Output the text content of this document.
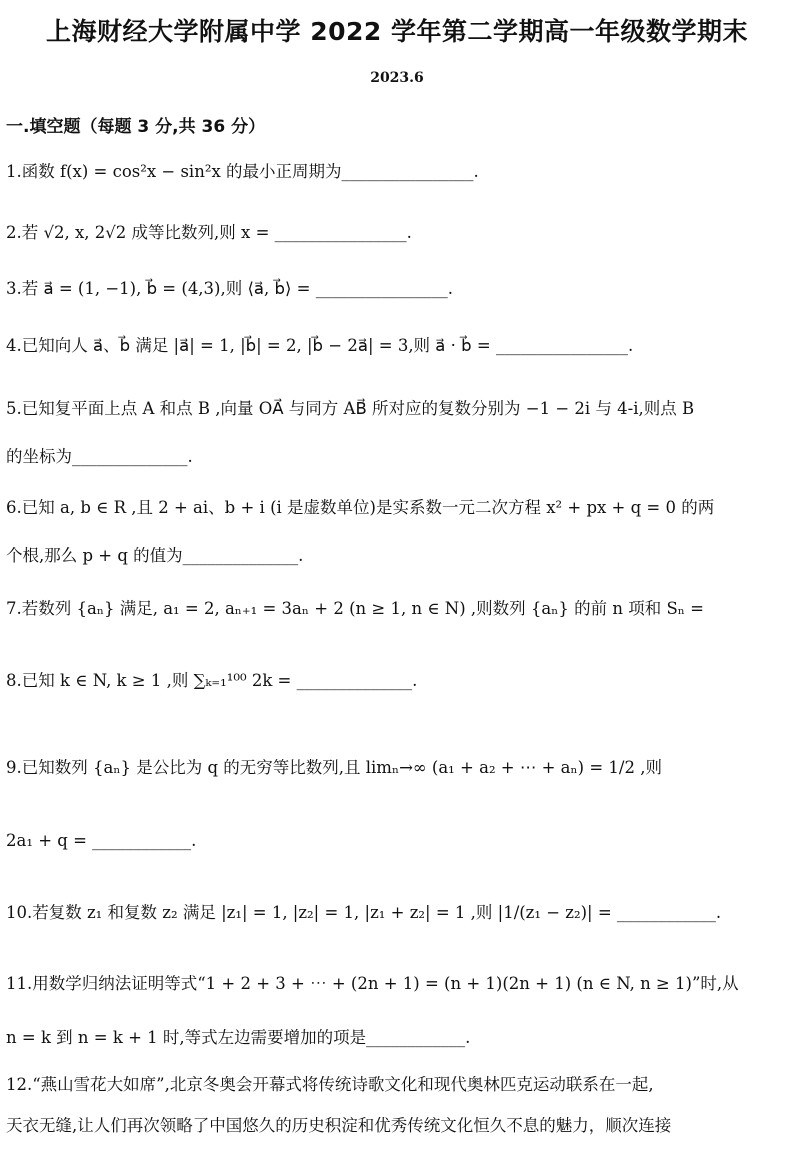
上海财经大学附属中学 2022 学年第二学期高一年级数学期末
2023.6
一.填空题（每题 3 分,共 36 分）
1.函数 f(x) = cos²x − sin²x 的最小正周期为________________.
2.若 √2, x, 2√2 成等比数列,则 x = ________________.
3.若 a⃗ = (1, −1), b⃗ = (4,3),则 ⟨a⃗, b⃗⟩ = ________________.
4.已知向人 a⃗、b⃗ 满足 |a⃗| = 1, |b⃗| = 2, |b⃗ − 2a⃗| = 3,则 a⃗ · b⃗ = ________________.
5.已知复平面上点 A 和点 B ,向量 OA⃗ 与同方 AB⃗ 所对应的复数分别为 −1 − 2i 与 4-i,则点 B
的坐标为______________.
6.已知 a, b ∈ R ,且 2 + ai、b + i (i 是虚数单位)是实系数一元二次方程 x² + px + q = 0 的两
个根,那么 p + q 的值为______________.
7.若数列 {aₙ} 满足, a₁ = 2, aₙ₊₁ = 3aₙ + 2 (n ≥ 1, n ∈ N) ,则数列 {aₙ} 的前 n 项和 Sₙ =
8.已知 k ∈ N, k ≥ 1 ,则 ∑ₖ₌₁¹⁰⁰ 2k = ______________.
9.已知数列 {aₙ} 是公比为 q 的无穷等比数列,且 limₙ→∞ (a₁ + a₂ + ⋯ + aₙ) = 1/2 ,则
2a₁ + q = ____________.
10.若复数 z₁ 和复数 z₂ 满足 |z₁| = 1, |z₂| = 1, |z₁ + z₂| = 1 ,则 |1/(z₁ − z₂)| = ____________.
11.用数学归纳法证明等式“1 + 2 + 3 + ⋯ + (2n + 1) = (n + 1)(2n + 1) (n ∈ N, n ≥ 1)”时,从
n = k 到 n = k + 1 时,等式左边需要增加的项是____________.
12.“燕山雪花大如席”,北京冬奥会开幕式将传统诗歌文化和现代奥林匹克运动联系在一起,
天衣无缝,让人们再次领略了中国悠久的历史积淀和优秀传统文化恒久不息的魅力，顺次连接
